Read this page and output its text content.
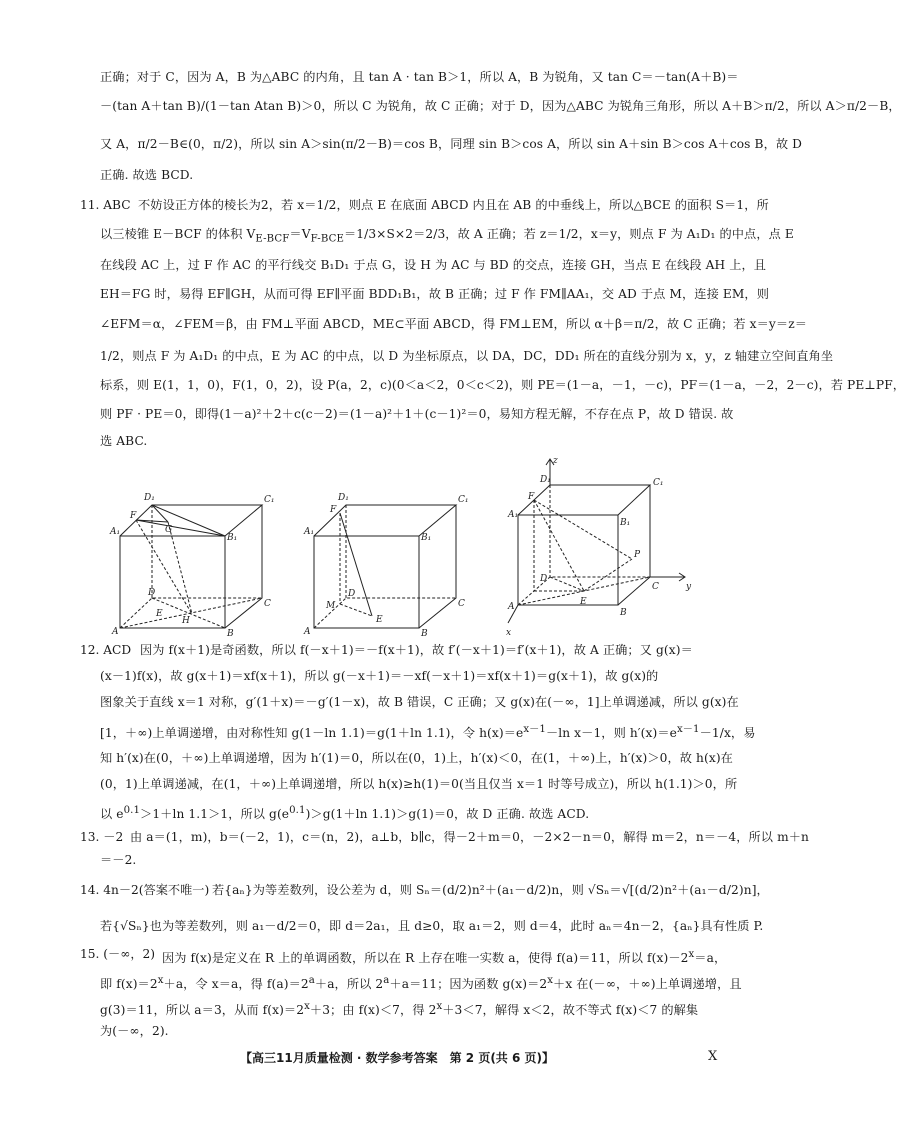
正确；对于 C，因为 A，B 为△ABC 的内角，且 tan A · tan B＞1，所以 A，B 为锐角，又 tan C＝－tan(A＋B)＝
－(tan A＋tan B)/(1－tan Atan B)＞0，所以 C 为锐角，故 C 正确；对于 D，因为△ABC 为锐角三角形，所以 A＋B＞π/2，所以 A＞π/2－B，
又 A，π/2－B∈(0，π/2)，所以 sin A＞sin(π/2－B)＝cos B，同理 sin B＞cos A，所以 sin A＋sin B＞cos A＋cos B，故 D
正确. 故选 BCD.
11. ABC 不妨设正方体的棱长为2，若 x＝1/2，则点 E 在底面 ABCD 内且在 AB 的中垂线上，所以△BCE 的面积 S＝1，所
以三棱锥 E－BCF 的体积 $V_{E-BCF}=V_{F-BCE}=1/3\times S\times 2=2/3$，故 A 正确；若 z＝1/2，x＝y，则点 F 为 A₁D₁ 的中点，点 E
在线段 AC 上，过 F 作 AC 的平行线交 B₁D₁ 于点 G，设 H 为 AC 与 BD 的交点，连接 GH，当点 E 在线段 AH 上，且
EH＝FG 时，易得 EF∥GH，从而可得 EF∥平面 BDD₁B₁，故 B 正确；过 F 作 FM∥AA₁，交 AD 于点 M，连接 EM，则
∠EFM＝α，∠FEM＝β，由 FM⊥平面 ABCD，ME⊂平面 ABCD，得 FM⊥EM，所以 α＋β＝π/2，故 C 正确；若 x＝y＝z＝
1/2，则点 F 为 A₁D₁ 的中点，E 为 AC 的中点，以 D 为坐标原点，以 DA，DC，DD₁ 所在的直线分别为 x，y，z 轴建立空间直角坐
标系，则 E(1，1，0)，F(1，0，2)，设 P(a，2，c)(0＜a＜2，0＜c＜2)，则 PE＝(1－a，－1，－c)，PF＝(1－a，－2，2－c)，若 PE⊥PF，
则 PF · PE＝0，即得(1－a)²＋2＋c(c－2)＝(1－a)²＋1＋(c－1)²＝0，易知方程无解，不存在点 P，故 D 错误. 故
选 ABC.
12. ACD 因为 f(x＋1)是奇函数，所以 f(－x＋1)＝－f(x＋1)，故 f′(－x＋1)＝f′(x＋1)，故 A 正确；又 g(x)＝
(x－1)f(x)，故 g(x＋1)＝xf(x＋1)，所以 g(－x＋1)＝－xf(－x＋1)＝xf(x＋1)＝g(x＋1)，故 g(x)的
图象关于直线 x＝1 对称，g′(1＋x)＝－g′(1－x)，故 B 错误，C 正确；又 g(x)在(－∞，1]上单调递减，所以 g(x)在
[1，＋∞)上单调递增，由对称性知 g(1－ln 1.1)＝g(1＋ln 1.1)，令 $h(x)=e^{x-1}-\ln$ x－1，则 $h'(x)=e^{x-1}-1/x$，易
知 h′(x)在(0，＋∞)上单调递增，因为 h′(1)＝0，所以在(0，1)上，h′(x)＜0，在(1，＋∞)上，h′(x)＞0，故 h(x)在
(0，1)上单调递减，在(1，＋∞)上单调递增，所以 h(x)≥h(1)＝0(当且仅当 x＝1 时等号成立)，所以 h(1.1)＞0，所
以 $e^{0.1}>1+\ln$ 1.1＞1，所以 $g(e^{0.1})>g(1+\ln$ 1.1)＞g(1)＝0，故 D 正确. 故选 ACD.
13. －2 由 a＝(1，m)，b＝(－2，1)，c＝(n，2)，a⊥b，b∥c，得－2＋m＝0，－2×2－n＝0，解得 m＝2，n＝－4，所以 m＋n
＝－2.
14. 4n－2(答案不唯一) 若{aₙ}为等差数列，设公差为 d，则 Sₙ＝(d/2)n²＋(a₁－d/2)n，则 √Sₙ＝√[(d/2)n²＋(a₁－d/2)n]，
若{√Sₙ}也为等差数列，则 a₁－d/2＝0，即 d＝2a₁，且 d≥0，取 a₁＝2，则 d＝4，此时 aₙ＝4n－2，{aₙ}具有性质 P.
15. (－∞，2) 因为 f(x)是定义在 R 上的单调函数，所以在 R 上存在唯一实数 a，使得 f(a)＝11，所以 $f(x)-2^x=a$，
即 $f(x)=2^x+a$，令 x＝a，得 $f(a)=2^a+a$，所以 $2^a+a=11$；因为函数 $g(x)=2^x+x$ 在(－∞，＋∞)上单调递增，且
g(3)＝11，所以 a＝3，从而 $f(x)=2^x+3$；由 f(x)＜7，得 $2^x+3<7$，解得 x＜2，故不等式 f(x)＜7 的解集
为(－∞，2).
D₁	C₁
A₁
B₁
F
G
D
C
A	B
E
H
D₁	C₁
A₁
B₁
F
D
C
A	B
M
E
z
D₁	C₁
A₁
B₁
F
P
D
C	y
A
B
E
x
【高三11月质量检测 · 数学参考答案　第 2 页(共 6 页)】	X
